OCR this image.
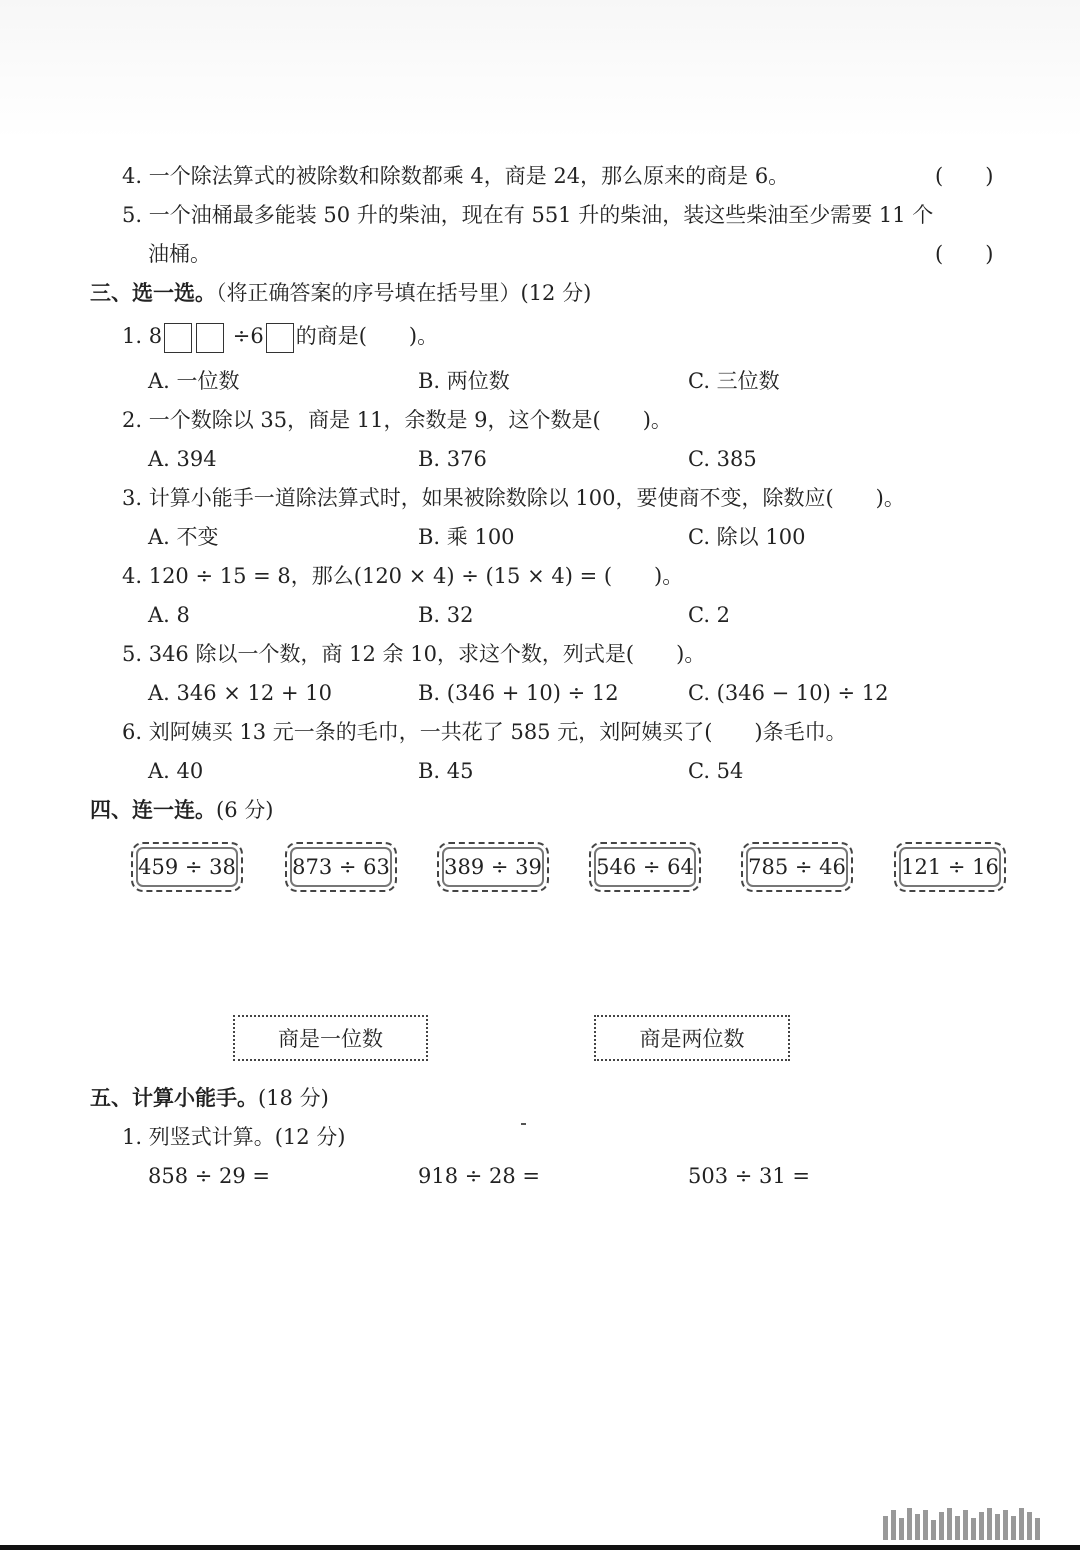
4. 一个除法算式的被除数和除数都乘 4，商是 24，那么原来的商是 6。	(　　)
5. 一个油桶最多能装 50 升的柴油，现在有 551 升的柴油，装这些柴油至少需要 11 个
油桶。	(　　)
三、选一选。（将正确答案的序号填在括号里）(12 分)
1. 8	÷6 的商是(　　)。
A. 一位数	B. 两位数	C. 三位数
2. 一个数除以 35，商是 11，余数是 9，这个数是(　　)。
A. 394	B. 376	C. 385
3. 计算小能手一道除法算式时，如果被除数除以 100，要使商不变，除数应(　　)。
A. 不变	B. 乘 100	C. 除以 100
4. 120 ÷ 15 = 8，那么(120 × 4) ÷ (15 × 4) = (　　)。
A. 8	B. 32	C. 2
5. 346 除以一个数，商 12 余 10，求这个数，列式是(　　)。
A. 346 × 12 + 10	B. (346 + 10) ÷ 12	C. (346 − 10) ÷ 12
6. 刘阿姨买 13 元一条的毛巾，一共花了 585 元，刘阿姨买了(　　)条毛巾。
A. 40	B. 45	C. 54
四、连一连。(6 分)
459 ÷ 38	873 ÷ 63	389 ÷ 39	546 ÷ 64	785 ÷ 46	121 ÷ 16
商是一位数	商是两位数
五、计算小能手。(18 分)
1. 列竖式计算。(12 分)
858 ÷ 29 =	918 ÷ 28 =	503 ÷ 31 =
